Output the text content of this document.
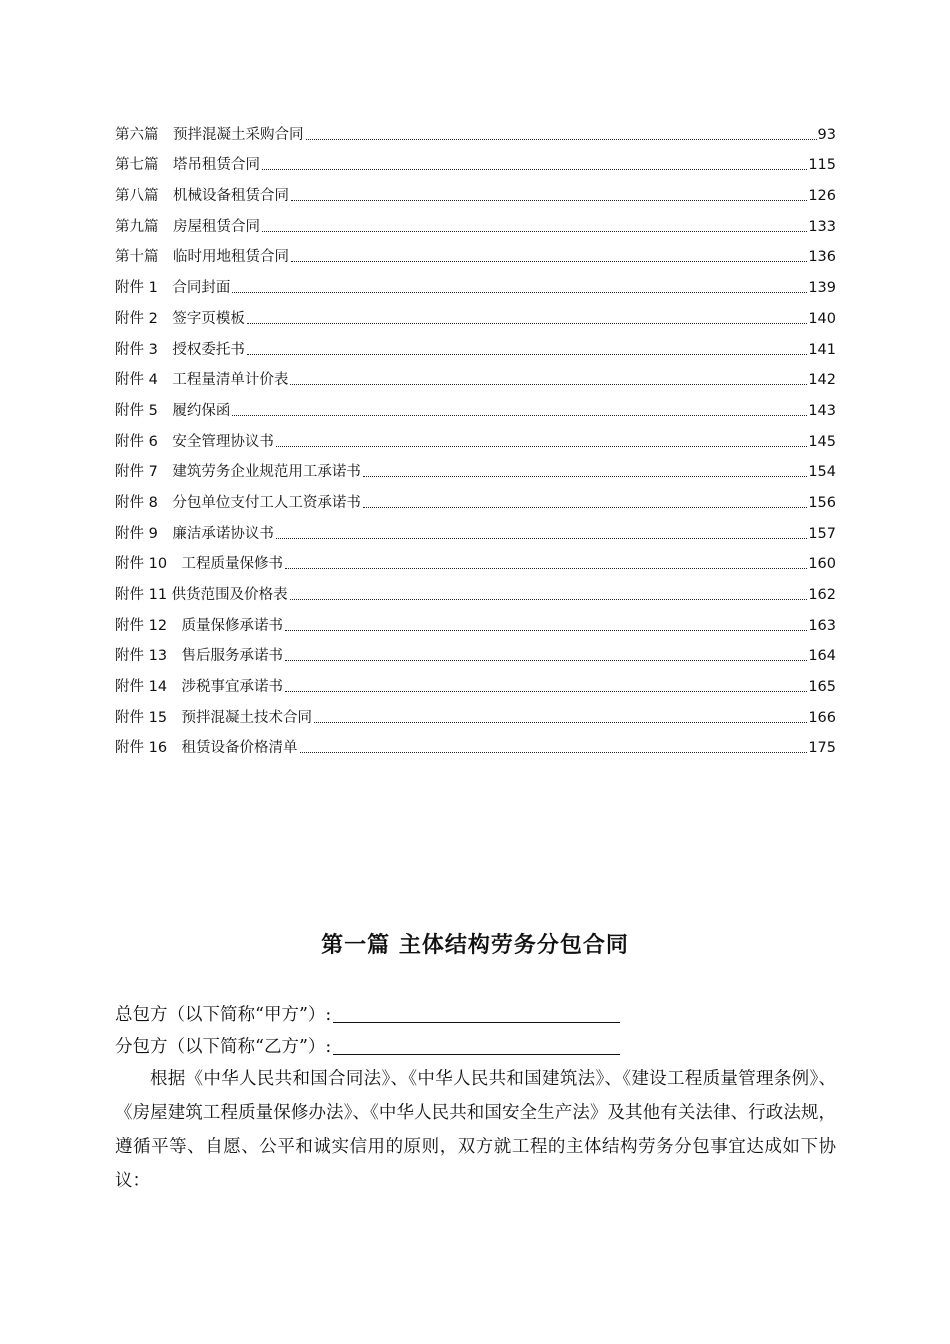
第六篇　预拌混凝土采购合同	93
第七篇　塔吊租赁合同	115
第八篇　机械设备租赁合同	126
第九篇　房屋租赁合同	133
第十篇　临时用地租赁合同	136
附件 1　合同封面	139
附件 2　签字页模板	140
附件 3　授权委托书	141
附件 4　工程量清单计价表	142
附件 5　履约保函	143
附件 6　安全管理协议书	145
附件 7　建筑劳务企业规范用工承诺书	154
附件 8　分包单位支付工人工资承诺书	156
附件 9　廉洁承诺协议书	157
附件 10　工程质量保修书	160
附件 11 供货范围及价格表	162
附件 12　质量保修承诺书	163
附件 13　售后服务承诺书	164
附件 14　涉税事宜承诺书	165
附件 15　预拌混凝土技术合同	166
附件 16　租赁设备价格清单	175
第一篇 主体结构劳务分包合同
总包方（以下简称“甲方”）:
分包方（以下简称“乙方”）:
根据《中华人民共和国合同法》、《中华人民共和国建筑法》、《建设工程质量管理条例》、《房屋建筑工程质量保修办法》、《中华人民共和国安全生产法》及其他有关法律、行政法规，遵循平等、自愿、公平和诚实信用的原则，双方就工程的主体结构劳务分包事宜达成如下协议：
